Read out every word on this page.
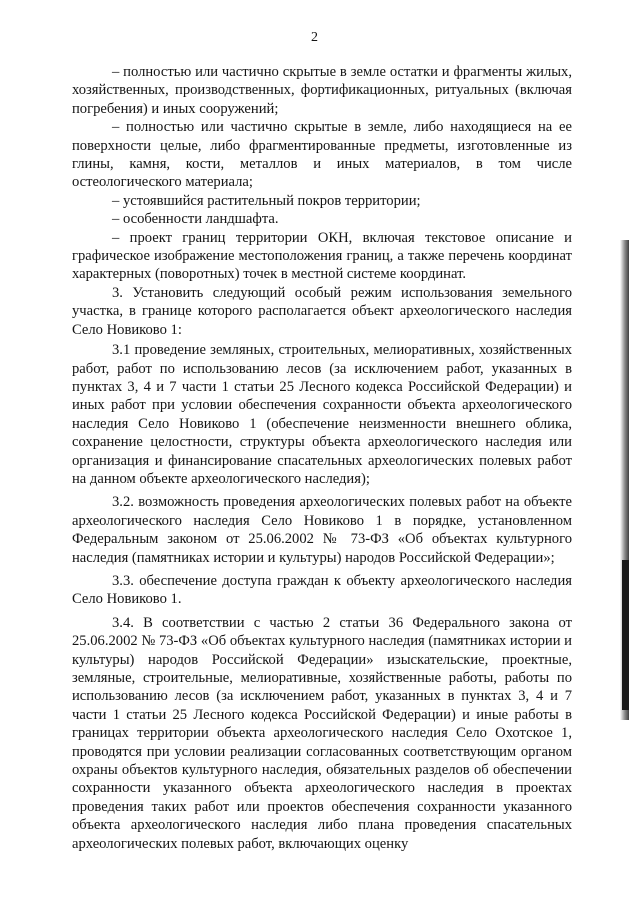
2

– полностью или частично скрытые в земле остатки и фрагменты жилых, хозяйственных, производственных, фортификационных, ритуальных (включая погребения) и иных сооружений;

– полностью или частично скрытые в земле, либо находящиеся на ее поверхности целые, либо фрагментированные предметы, изготовленные из глины, камня, кости, металлов и иных материалов, в том числе остеологического материала;

– устоявшийся растительный покров территории;

– особенности ландшафта.

– проект границ территории ОКН, включая текстовое описание и графическое изображение местоположения границ, а также перечень координат характерных (поворотных) точек в местной системе координат.

3. Установить следующий особый режим использования земельного участка, в границе которого располагается объект археологического наследия Село Новиково 1:

3.1 проведение земляных, строительных, мелиоративных, хозяйственных работ, работ по использованию лесов (за исключением работ, указанных в пунктах 3, 4 и 7 части 1 статьи 25 Лесного кодекса Российской Федерации) и иных работ при условии обеспечения сохранности объекта археологического наследия Село Новиково 1 (обеспечение неизменности внешнего облика, сохранение целостности, структуры объекта археологического наследия или организация и финансирование спасательных археологических полевых работ на данном объекте археологического наследия);

3.2. возможность проведения археологических полевых работ на объекте археологического наследия Село Новиково 1 в порядке, установленном Федеральным законом от 25.06.2002 № 73-ФЗ «Об объектах культурного наследия (памятниках истории и культуры) народов Российской Федерации»;

3.3. обеспечение доступа граждан к объекту археологического наследия Село Новиково 1.

3.4. В соответствии с частью 2 статьи 36 Федерального закона от 25.06.2002 № 73-ФЗ «Об объектах культурного наследия (памятниках истории и культуры) народов Российской Федерации» изыскательские, проектные, земляные, строительные, мелиоративные, хозяйственные работы, работы по использованию лесов (за исключением работ, указанных в пунктах 3, 4 и 7 части 1 статьи 25 Лесного кодекса Российской Федерации) и иные работы в границах территории объекта археологического наследия Село Охотское 1, проводятся при условии реализации согласованных соответствующим органом охраны объектов культурного наследия, обязательных разделов об обеспечении сохранности указанного объекта археологического наследия в проектах проведения таких работ или проектов обеспечения сохранности указанного объекта археологического наследия либо плана проведения спасательных археологических полевых работ, включающих оценку
